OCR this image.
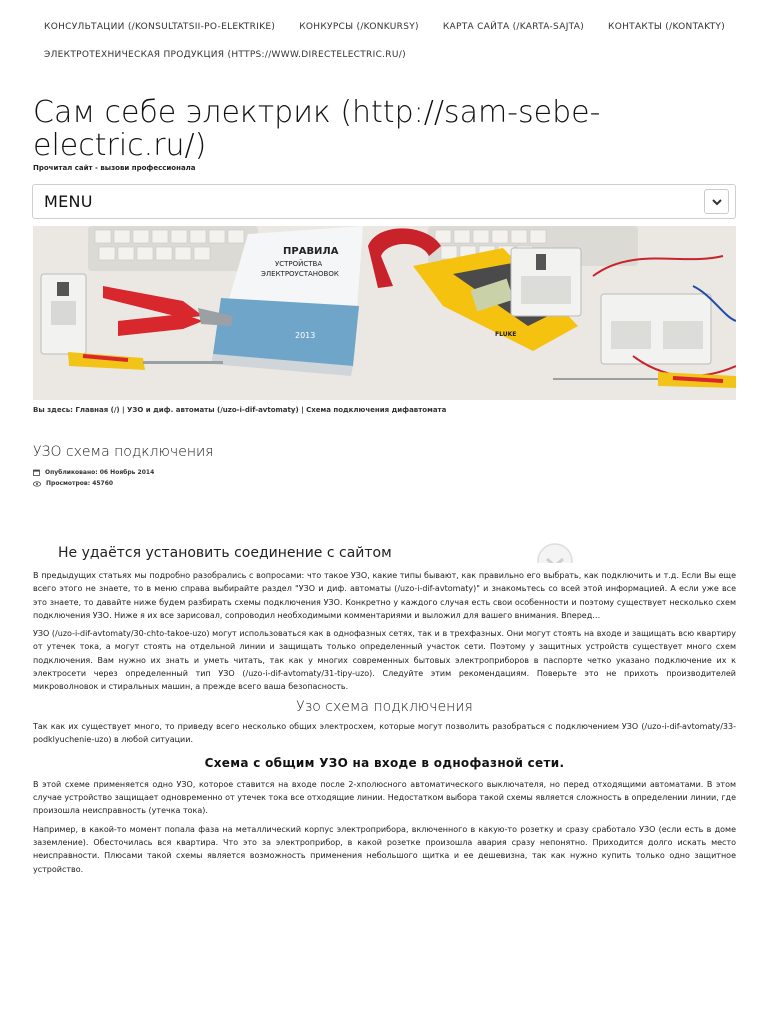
КОНСУЛЬТАЦИИ (/KONSULTATSII-PO-ELEKTRIKE)	КОНКУРСЫ (/KONKURSY)	КАРТА САЙТА (/KARTA-SAJTA)	КОНТАКТЫ (/KONTAKTY)
ЭЛЕКТРОТЕХНИЧЕСКАЯ ПРОДУКЦИЯ (HTTPS://WWW.DIRECTELECTRIC.RU/)
Сам себе электрик (http://sam-sebe-electric.ru/)
Прочитал сайт - вызови профессионала
MENU
ПРАВИЛА
УСТРОЙСТВА
ЭЛЕКТРОУСТАНОВОК
2013	FLUKE
Вы здесь: Главная (/) | УЗО и диф. автоматы (/uzo-i-dif-avtomaty) | Схема подключения дифавтомата
УЗО схема подключения
Опубликовано: 06 Ноябрь 2014
Просмотров: 45760
Не удаётся установить соединение с сайтом

В предыдущих статьях мы подробно разобрались с вопросами: что такое УЗО, какие типы бывают, как правильно его выбрать, как подключить и т.д. Если Вы еще всего этого не знаете, то в меню справа выбирайте раздел "УЗО и диф. автоматы (/uzo-i-dif-avtomaty)" и знакомьтесь со всей этой информацией. А если уже все это знаете, то давайте ниже будем разбирать схемы подключения УЗО. Конкретно у каждого случая есть свои особенности и поэтому существует несколько схем подключения УЗО. Ниже я их все зарисовал, сопроводил необходимыми комментариями и выложил для вашего внимания. Вперед…

УЗО (/uzo-i-dif-avtomaty/30-chto-takoe-uzo) могут использоваться как в однофазных сетях, так и в трехфазных. Они могут стоять на входе и защищать всю квартиру от утечек тока, а могут стоять на отдельной линии и защищать только определенный участок сети. Поэтому у защитных устройств существует много схем подключения. Вам нужно их знать и уметь читать, так как у многих современных бытовых электроприборов в паспорте четко указано подключение их к электросети через определенный тип УЗО (/uzo-i-dif-avtomaty/31-tipy-uzo). Следуйте этим рекомендациям. Поверьте это не прихоть производителей микроволновок и стиральных машин, а прежде всего ваша безопасность.

Узо схема подключения

Так как их существует много, то приведу всего несколько общих электросхем, которые могут позволить разобраться с подключением УЗО (/uzo-i-dif-avtomaty/33-podklyuchenie-uzo) в любой ситуации.

Схема с общим УЗО на входе в однофазной сети.

В этой схеме применяется одно УЗО, которое ставится на входе после 2-хполюсного автоматического выключателя, но перед отходящими автоматами. В этом случае устройство защищает одновременно от утечек тока все отходящие линии. Недостатком выбора такой схемы является сложность в определении линии, где произошла неисправность (утечка тока).

Например, в какой-то момент попала фаза на металлический корпус электроприбора, включенного в какую-то розетку и сразу сработало УЗО (если есть в доме заземление). Обесточилась вся квартира. Что это за электроприбор, в какой розетке произошла авария сразу непонятно. Приходится долго искать место неисправности. Плюсами такой схемы является возможность применения небольшого щитка и ее дешевизна, так как нужно купить только одно защитное устройство.
